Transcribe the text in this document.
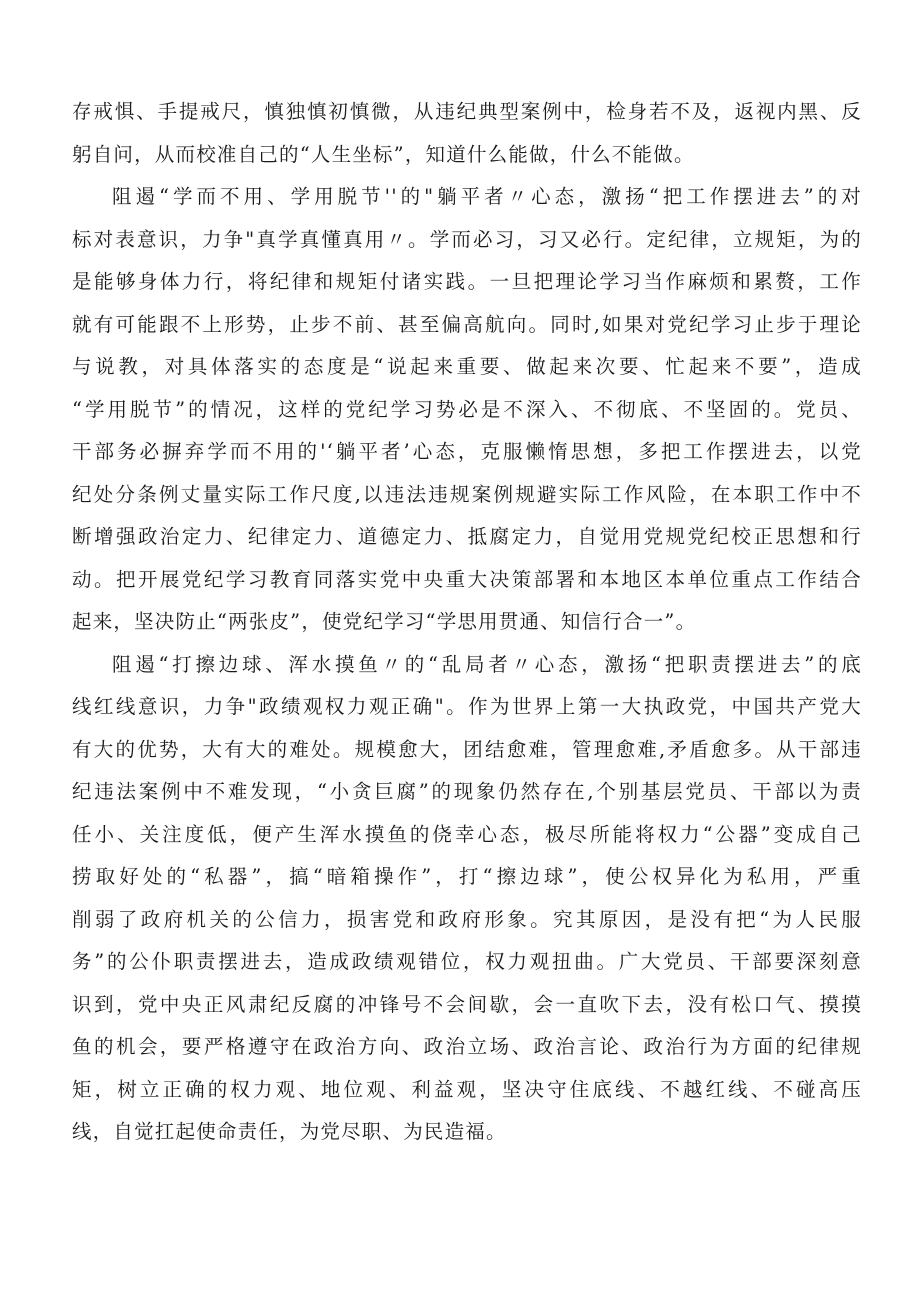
存戒惧、手提戒尺，慎独慎初慎微，从违纪典型案例中，检身若不及，返视内黑、反
躬自问，从而校准自己的“人生坐标”，知道什么能做，什么不能做。
阻遏“学而不用、学用脱节''的"躺平者〃心态，激扬“把工作摆进去”的对
标对表意识，力争"真学真懂真用〃。学而必习，习又必行。定纪律，立规矩，为的
是能够身体力行，将纪律和规矩付诸实践。一旦把理论学习当作麻烦和累赘，工作
就有可能跟不上形势，止步不前、甚至偏高航向。同时,如果对党纪学习止步于理论
与说教，对具体落实的态度是“说起来重要、做起来次要、忙起来不要”，造成
“学用脱节”的情况，这样的党纪学习势必是不深入、不彻底、不坚固的。党员、
干部务必摒弃学而不用的'‘躺平者’心态，克服懒惰思想，多把工作摆进去，以党
纪处分条例丈量实际工作尺度,以违法违规案例规避实际工作风险，在本职工作中不
断增强政治定力、纪律定力、道德定力、抵腐定力，自觉用党规党纪校正思想和行
动。把开展党纪学习教育同落实党中央重大决策部署和本地区本单位重点工作结合
起来，坚决防止“两张皮”，使党纪学习“学思用贯通、知信行合一”。
阻遏“打擦边球、浑水摸鱼〃的“乱局者〃心态，激扬“把职责摆进去”的底
线红线意识，力争"政绩观权力观正确"。作为世界上第一大执政党，中国共产党大
有大的优势，大有大的难处。规模愈大，团结愈难，管理愈难,矛盾愈多。从干部违
纪违法案例中不难发现，“小贪巨腐”的现象仍然存在,个别基层党员、干部以为责
任小、关注度低，便产生浑水摸鱼的侥幸心态，极尽所能将权力“公器”变成自己
捞取好处的“私器”，搞“暗箱操作”，打“擦边球”，使公权异化为私用，严重
削弱了政府机关的公信力，损害党和政府形象。究其原因，是没有把“为人民服
务”的公仆职责摆进去，造成政绩观错位，权力观扭曲。广大党员、干部要深刻意
识到，党中央正风肃纪反腐的冲锋号不会间歇，会一直吹下去，没有松口气、摸摸
鱼的机会，要严格遵守在政治方向、政治立场、政治言论、政治行为方面的纪律规
矩，树立正确的权力观、地位观、利益观，坚决守住底线、不越红线、不碰高压
线，自觉扛起使命责任，为党尽职、为民造福。
